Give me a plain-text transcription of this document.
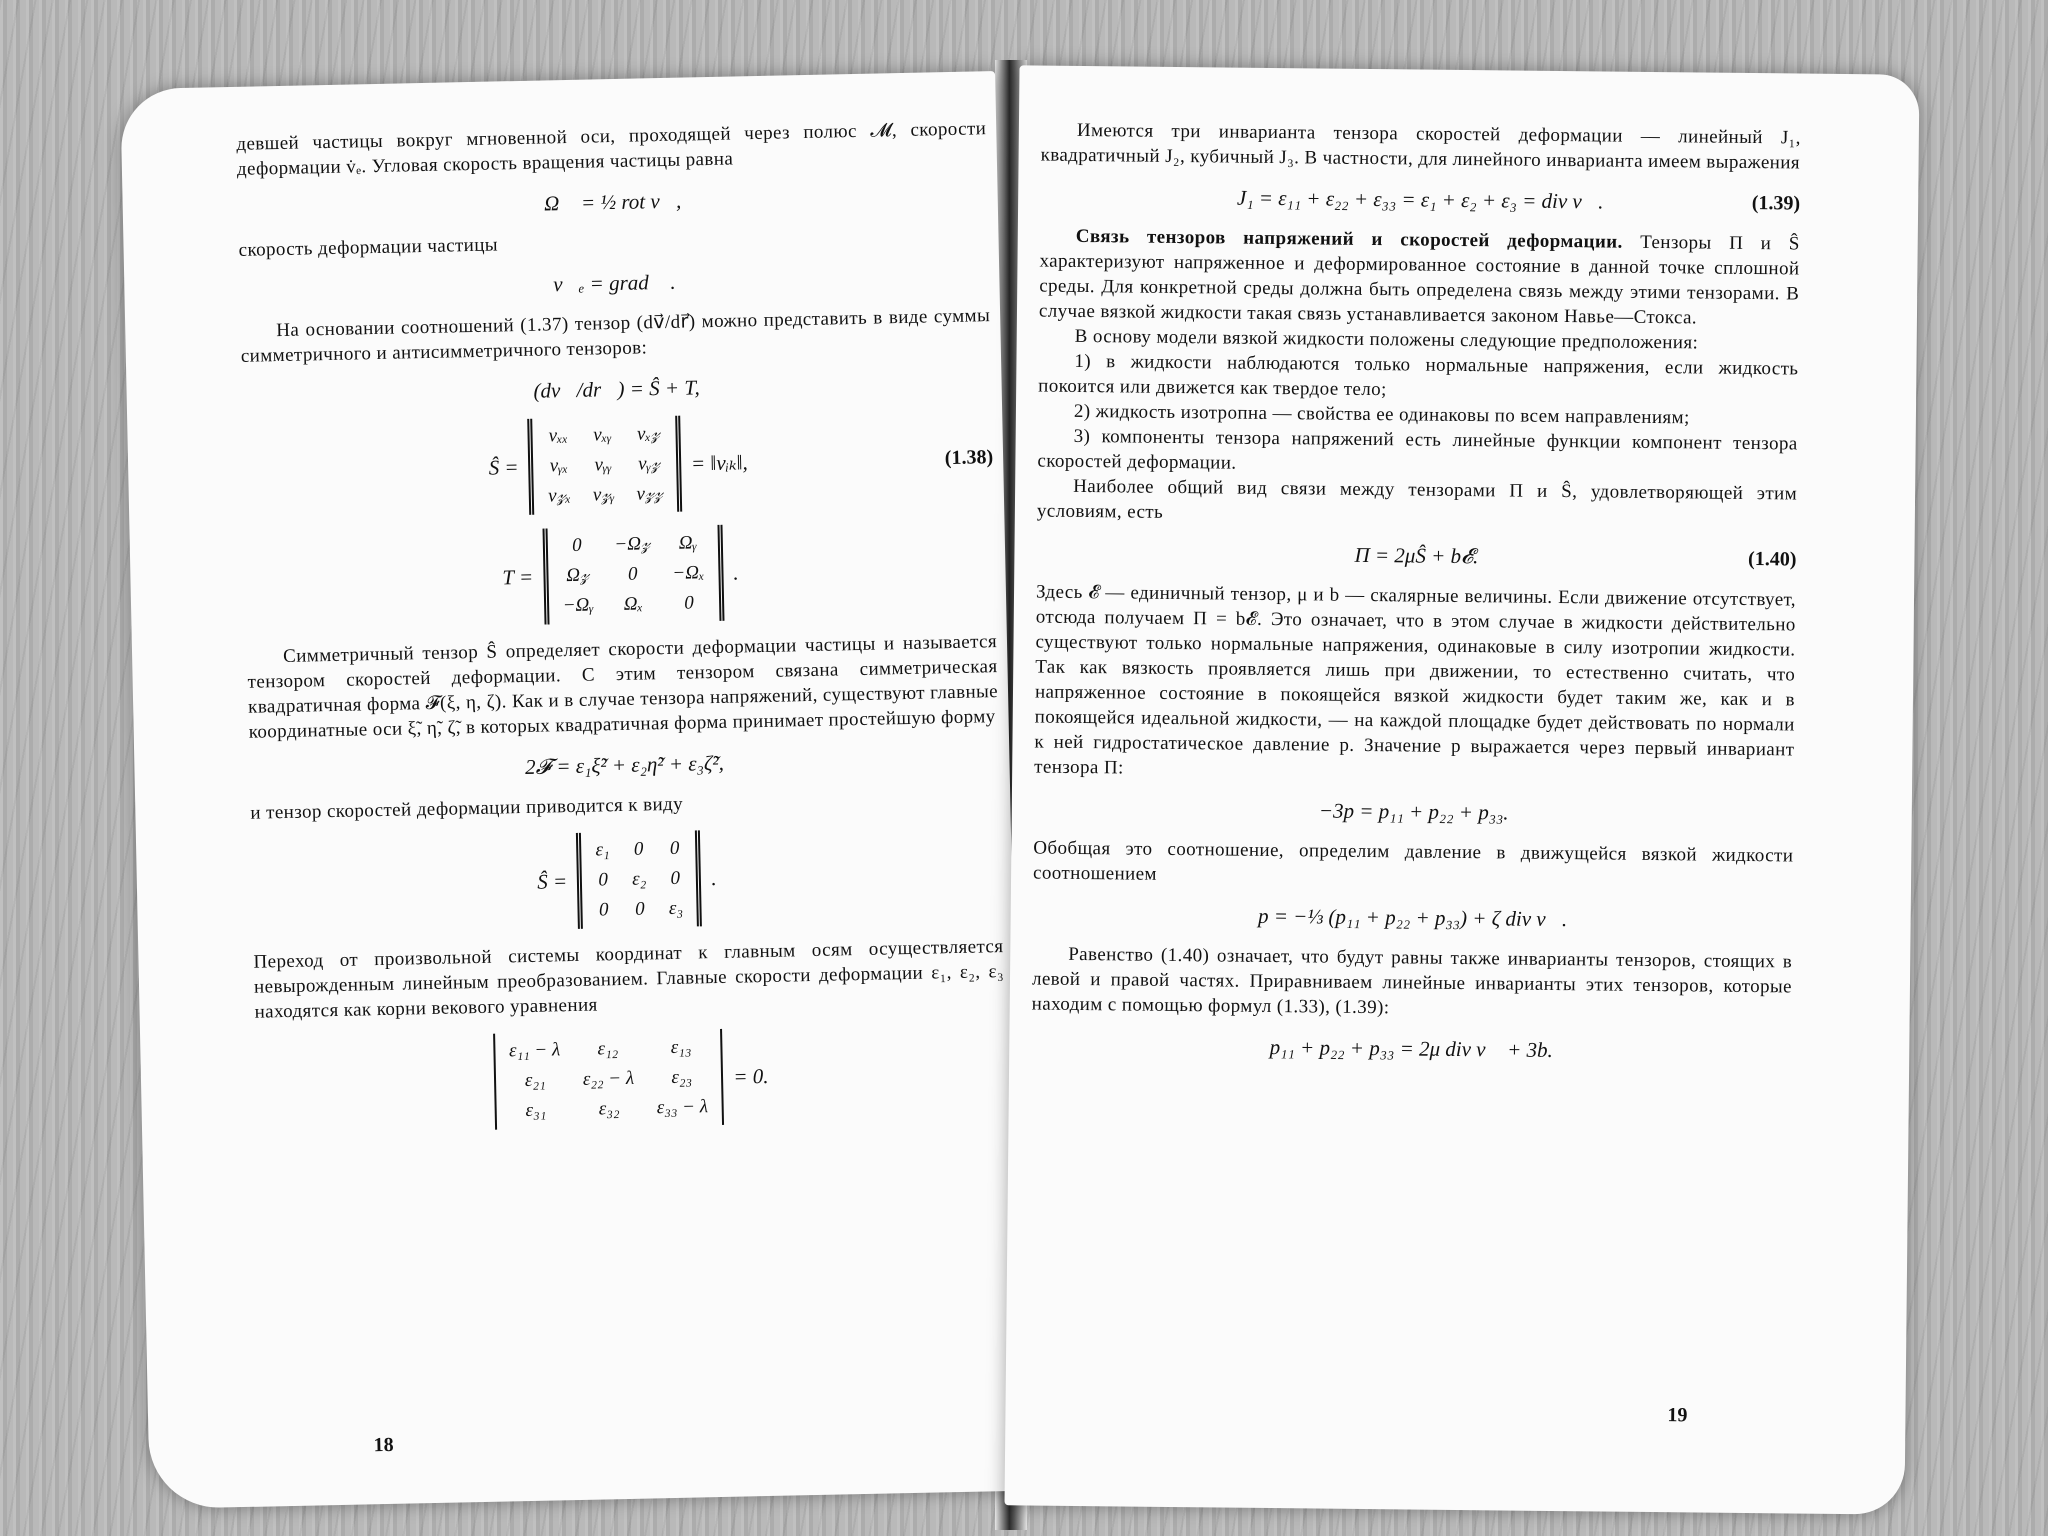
девшей частицы вокруг мгновенной оси, проходящей через полюс 𝓜, скорости деформации v̇ₑ. Угловая скорость вращения частицы равна

Ω⃗ = ½ rot v⃗,

скорость деформации частицы

v⃗ₑ = grad 𝓕.

На основании соотношений (1.37) тензор (dv⃗/dr⃗) можно представить в виде суммы симметричного и антисимметричного тензоров:

(dv⃗/dr⃗) = Ŝ + T,
Ŝ =
vₓₓ vₓᵧ vₓ𝓏
vᵧₓ vᵧᵧ vᵧ𝓏
v𝓏ₓ v𝓏ᵧ v𝓏𝓏
= ‖vᵢₖ‖,	(1.38)
T =
0	−Ω𝓏	Ωᵧ
Ω𝓏	0	−Ωₓ
−Ωᵧ	Ωₓ	0
.

Симметричный тензор Ŝ определяет скорости деформации частицы и называется тензором скоростей деформации. С этим тензором связана симметрическая квадратичная форма 𝓕(ξ, η, ζ). Как и в случае тензора напряжений, существуют главные координатные оси ξ̃, η̃, ζ̃, в которых квадратичная форма принимает простейшую форму

2𝓕 = ε₁ξ̃² + ε₂η̃² + ε₃ζ̃²,

и тензор скоростей деформации приводится к виду

Ŝ =
ε₁ 0 0
0 ε₂ 0
0 0 ε₃
.

Переход от произвольной системы координат к главным осям осуществляется невырожденным линейным преобразованием. Главные скорости деформации ε₁, ε₂, ε₃ находятся как корни векового уравнения

ε₁₁ − λ	ε₁₂	ε₁₃
ε₂₁	ε₂₂ − λ	ε₂₃
ε₃₁	ε₃₂	ε₃₃ − λ
= 0.
18

Имеются три инварианта тензора скоростей деформации — линейный J₁, квадратичный J₂, кубичный J₃. В частности, для линейного инварианта имеем выражения

J₁ = ε₁₁ + ε₂₂ + ε₃₃ = ε₁ + ε₂ + ε₃ = div v⃗.	(1.39)

Связь тензоров напряжений и скоростей деформации. Тензоры Π и Ŝ характеризуют напряженное и деформированное состояние в данной точке сплошной среды. Для конкретной среды должна быть определена связь между этими тензорами. В случае вязкой жидкости такая связь устанавливается законом Навье—Стокса.

В основу модели вязкой жидкости положены следующие предположения:

1) в жидкости наблюдаются только нормальные напряжения, если жидкость покоится или движется как твердое тело;

2) жидкость изотропна — свойства ее одинаковы по всем направлениям;

3) компоненты тензора напряжений есть линейные функции компонент тензора скоростей деформации.

Наиболее общий вид связи между тензорами Π и Ŝ, удовлетворяющей этим условиям, есть

Π = 2μŜ + b𝓔.	(1.40)

Здесь 𝓔 — единичный тензор, μ и b — скалярные величины. Если движение отсутствует, отсюда получаем Π = b𝓔. Это означает, что в этом случае в жидкости действительно существуют только нормальные напряжения, одинаковые в силу изотропии жидкости. Так как вязкость проявляется лишь при движении, то естественно считать, что напряженное состояние в покоящейся вязкой жидкости будет таким же, как и в покоящейся идеальной жидкости, — на каждой площадке будет действовать по нормали к ней гидростатическое давление p. Значение p выражается через первый инвариант тензора Π:

−3p = p₁₁ + p₂₂ + p₃₃.

Обобщая это соотношение, определим давление в движущейся вязкой жидкости соотношением

p = −⅓ (p₁₁ + p₂₂ + p₃₃) + ζ div v⃗.

Равенство (1.40) означает, что будут равны также инварианты тензоров, стоящих в левой и правой частях. Приравниваем линейные инварианты этих тензоров, которые находим с помощью формул (1.33), (1.39):

p₁₁ + p₂₂ + p₃₃ = 2μ div v⃗ + 3b.
19
